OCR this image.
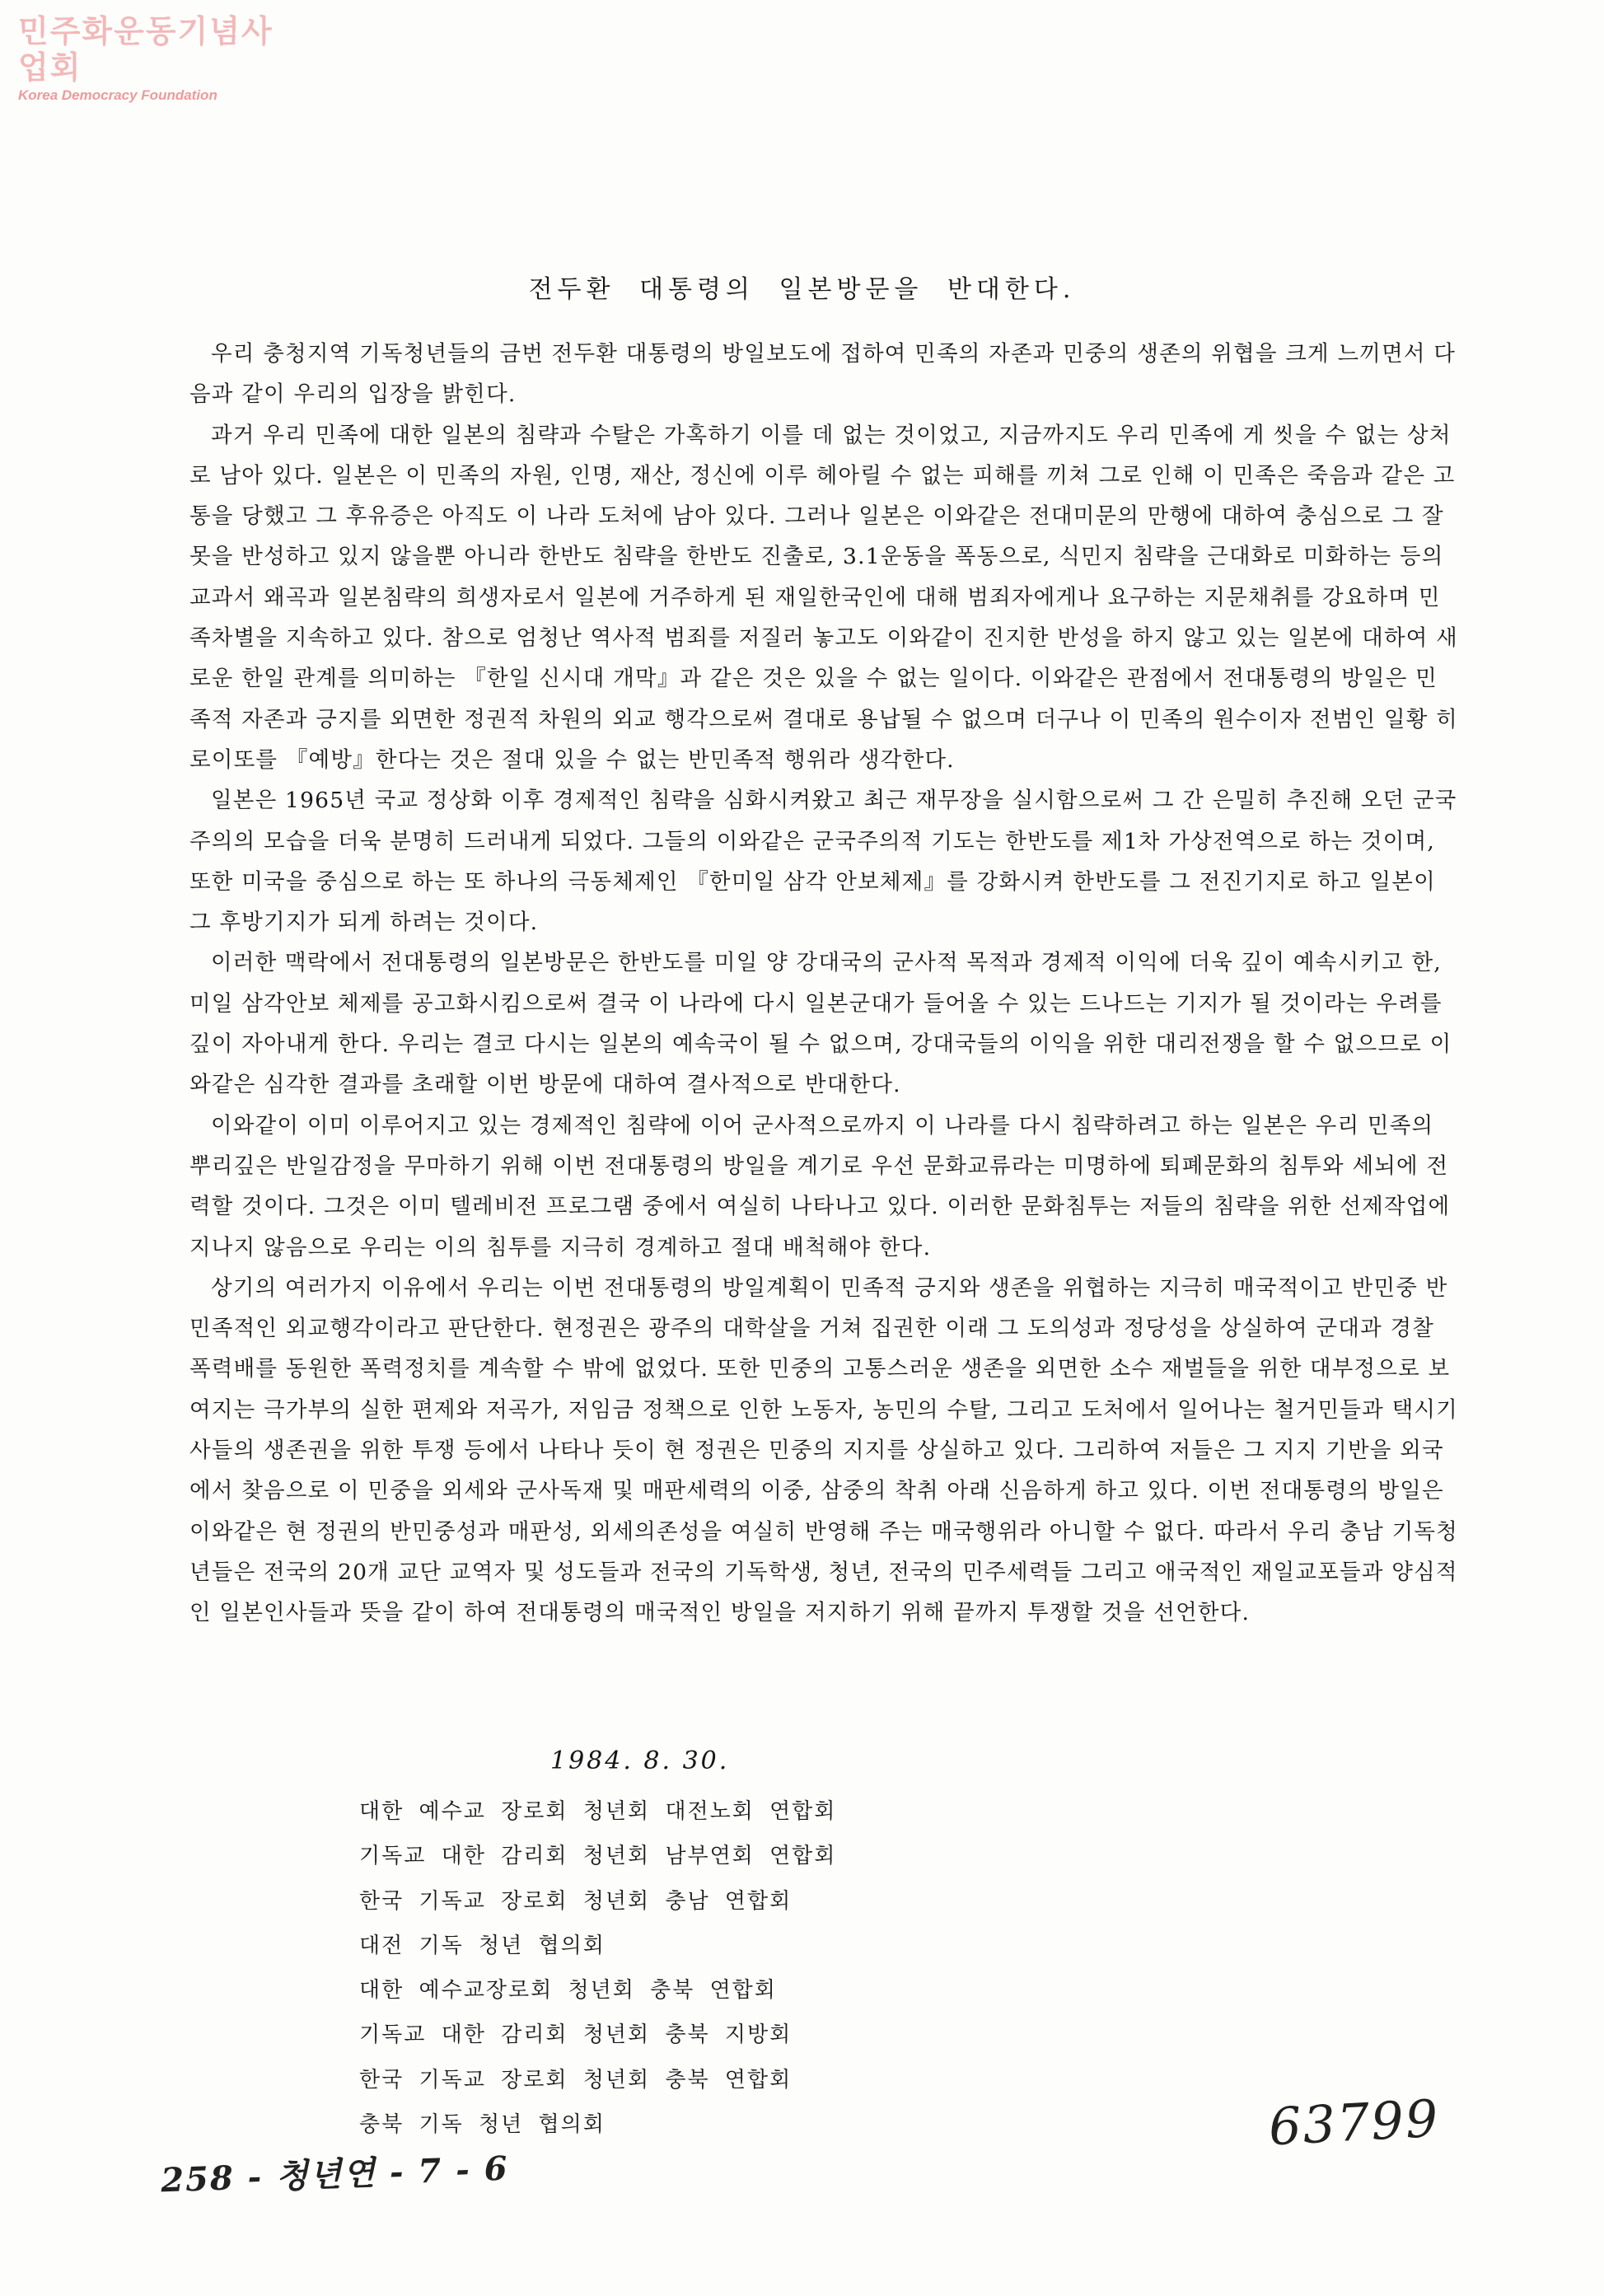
민주화운동기념사업회
Korea Democracy Foundation
전두환 대통령의 일본방문을 반대한다.

우리 충청지역 기독청년들의 금번 전두환 대통령의 방일보도에 접하여 민족의 자존과 민중의 생존의 위협을 크게 느끼면서 다음과 같이 우리의 입장을 밝힌다.

과거 우리 민족에 대한 일본의 침략과 수탈은 가혹하기 이를 데 없는 것이었고, 지금까지도 우리 민족에 게 씻을 수 없는 상처로 남아 있다. 일본은 이 민족의 자원, 인명, 재산, 정신에 이루 헤아릴 수 없는 피해를 끼쳐 그로 인해 이 민족은 죽음과 같은 고통을 당했고 그 후유증은 아직도 이 나라 도처에 남아 있다. 그러나 일본은 이와같은 전대미문의 만행에 대하여 충심으로 그 잘못을 반성하고 있지 않을뿐 아니라 한반도 침략을 한반도 진출로, 3.1운동을 폭동으로, 식민지 침략을 근대화로 미화하는 등의 교과서 왜곡과 일본침략의 희생자로서 일본에 거주하게 된 재일한국인에 대해 범죄자에게나 요구하는 지문채취를 강요하며 민족차별을 지속하고 있다. 참으로 엄청난 역사적 범죄를 저질러 놓고도 이와같이 진지한 반성을 하지 않고 있는 일본에 대하여 새로운 한일 관계를 의미하는 『한일 신시대 개막』과 같은 것은 있을 수 없는 일이다. 이와같은 관점에서 전대통령의 방일은 민족적 자존과 긍지를 외면한 정권적 차원의 외교 행각으로써 결대로 용납될 수 없으며 더구나 이 민족의 원수이자 전범인 일황 히로이또를 『예방』한다는 것은 절대 있을 수 없는 반민족적 행위라 생각한다.

일본은 1965년 국교 정상화 이후 경제적인 침략을 심화시켜왔고 최근 재무장을 실시함으로써 그 간 은밀히 추진해 오던 군국주의의 모습을 더욱 분명히 드러내게 되었다. 그들의 이와같은 군국주의적 기도는 한반도를 제1차 가상전역으로 하는 것이며, 또한 미국을 중심으로 하는 또 하나의 극동체제인 『한미일 삼각 안보체제』를 강화시켜 한반도를 그 전진기지로 하고 일본이 그 후방기지가 되게 하려는 것이다.

이러한 맥락에서 전대통령의 일본방문은 한반도를 미일 양 강대국의 군사적 목적과 경제적 이익에 더욱 깊이 예속시키고 한,미일 삼각안보 체제를 공고화시킴으로써 결국 이 나라에 다시 일본군대가 들어올 수 있는 드나드는 기지가 될 것이라는 우려를 깊이 자아내게 한다. 우리는 결코 다시는 일본의 예속국이 될 수 없으며, 강대국들의 이익을 위한 대리전쟁을 할 수 없으므로 이와같은 심각한 결과를 초래할 이번 방문에 대하여 결사적으로 반대한다.

이와같이 이미 이루어지고 있는 경제적인 침략에 이어 군사적으로까지 이 나라를 다시 침략하려고 하는 일본은 우리 민족의 뿌리깊은 반일감정을 무마하기 위해 이번 전대통령의 방일을 계기로 우선 문화교류라는 미명하에 퇴폐문화의 침투와 세뇌에 전력할 것이다. 그것은 이미 텔레비전 프로그램 중에서 여실히 나타나고 있다. 이러한 문화침투는 저들의 침략을 위한 선제작업에 지나지 않음으로 우리는 이의 침투를 지극히 경계하고 절대 배척해야 한다.

상기의 여러가지 이유에서 우리는 이번 전대통령의 방일계획이 민족적 긍지와 생존을 위협하는 지극히 매국적이고 반민중 반민족적인 외교행각이라고 판단한다. 현정권은 광주의 대학살을 거쳐 집권한 이래 그 도의성과 정당성을 상실하여 군대과 경찰 폭력배를 동원한 폭력정치를 계속할 수 밖에 없었다. 또한 민중의 고통스러운 생존을 외면한 소수 재벌들을 위한 대부정으로 보여지는 극가부의 실한 편제와 저곡가, 저임금 정책으로 인한 노동자, 농민의 수탈, 그리고 도처에서 일어나는 철거민들과 택시기사들의 생존권을 위한 투쟁 등에서 나타나 듯이 현 정권은 민중의 지지를 상실하고 있다. 그리하여 저들은 그 지지 기반을 외국에서 찾음으로 이 민중을 외세와 군사독재 및 매판세력의 이중, 삼중의 착취 아래 신음하게 하고 있다. 이번 전대통령의 방일은 이와같은 현 정권의 반민중성과 매판성, 외세의존성을 여실히 반영해 주는 매국행위라 아니할 수 없다. 따라서 우리 충남 기독청년들은 전국의 20개 교단 교역자 및 성도들과 전국의 기독학생, 청년, 전국의 민주세력들 그리고 애국적인 재일교포들과 양심적인 일본인사들과 뜻을 같이 하여 전대통령의 매국적인 방일을 저지하기 위해 끝까지 투쟁할 것을 선언한다.

1984. 8. 30.
대한 예수교 장로회 청년회 대전노회 연합회
기독교 대한 감리회 청년회 남부연회 연합회
한국 기독교 장로회 청년회 충남 연합회
대전 기독 청년 협의회
대한 예수교장로회 청년회 충북 연합회
기독교 대한 감리회 청년회 충북 지방회
한국 기독교 장로회 청년회 충북 연합회
충북 기독 청년 협의회
258 - 청년연 - 7 - 6
63799
